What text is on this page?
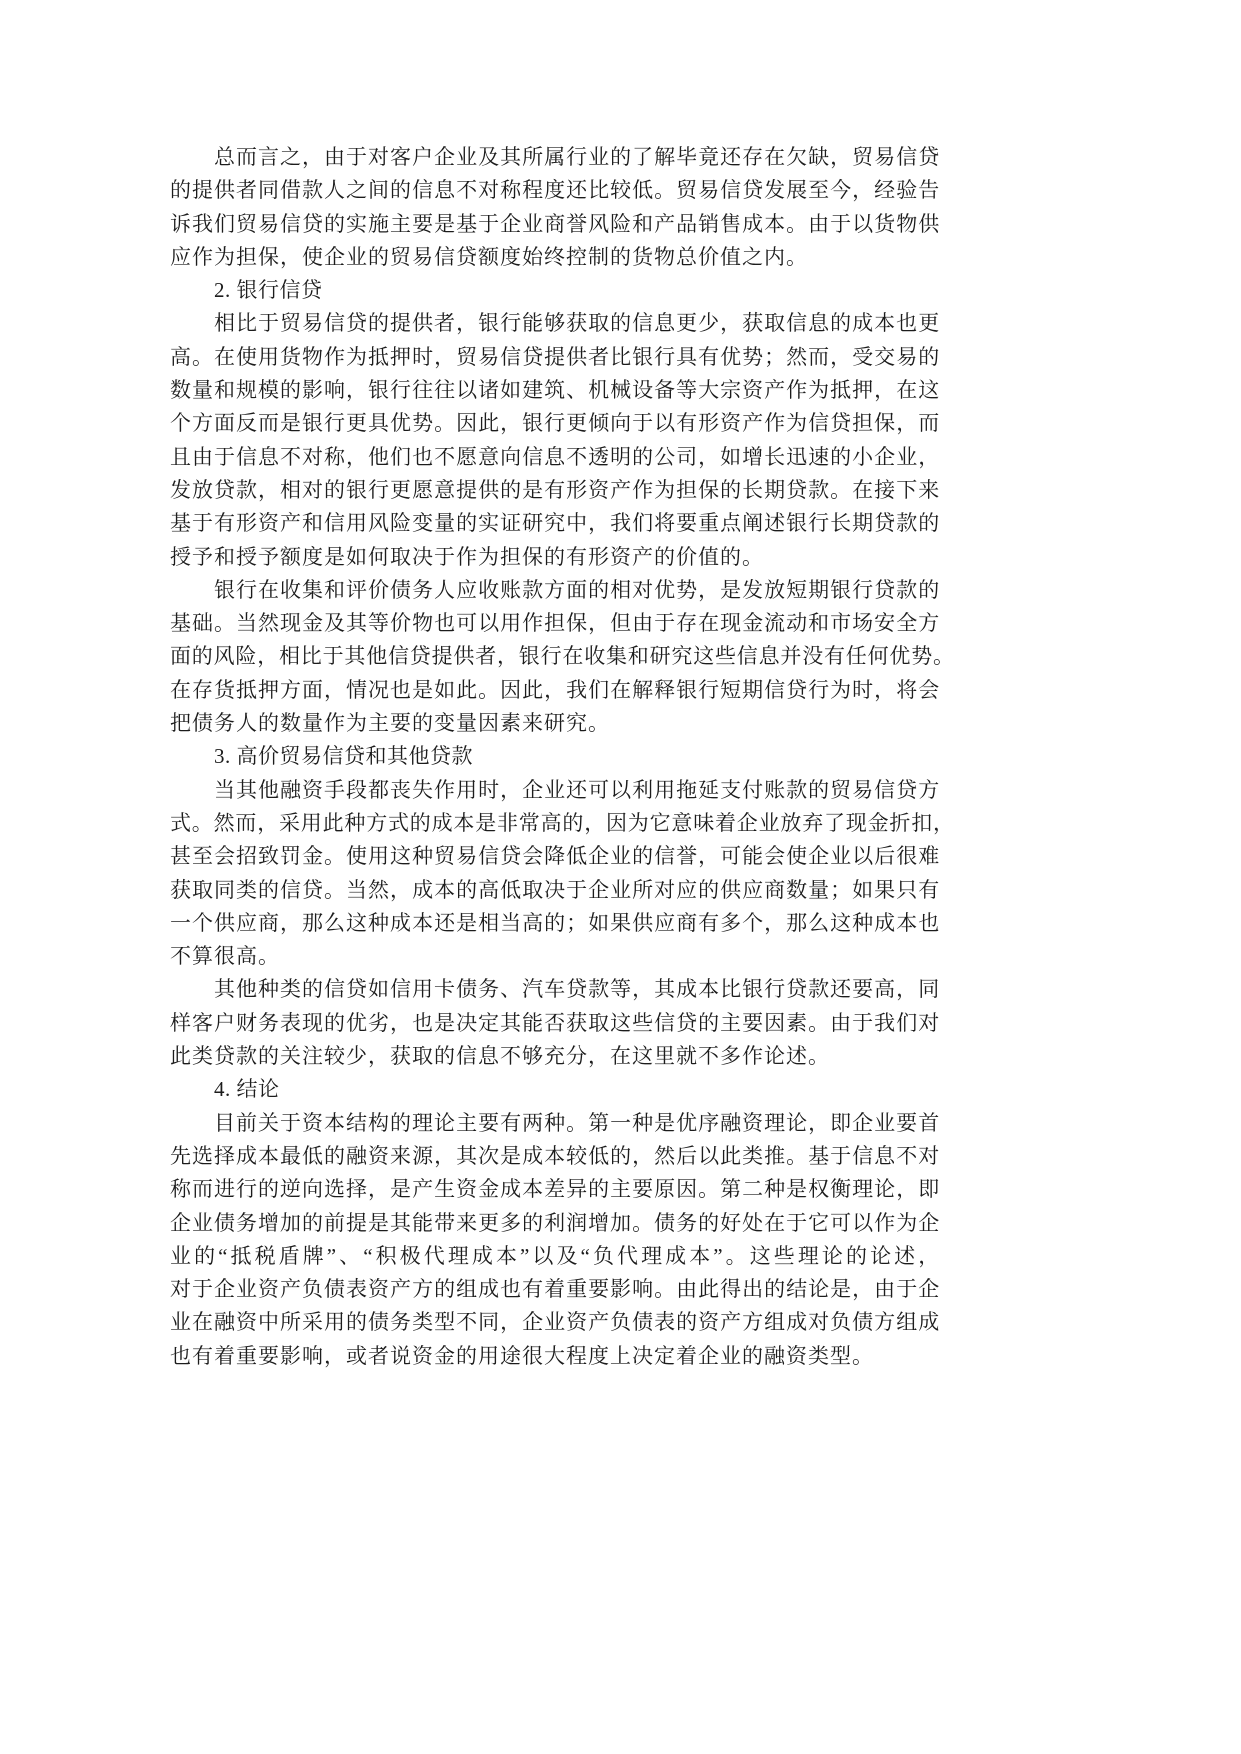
总而言之，由于对客户企业及其所属行业的了解毕竟还存在欠缺，贸易信贷
的提供者同借款人之间的信息不对称程度还比较低。贸易信贷发展至今，经验告
诉我们贸易信贷的实施主要是基于企业商誉风险和产品销售成本。由于以货物供
应作为担保，使企业的贸易信贷额度始终控制的货物总价值之内。
2. 银行信贷
相比于贸易信贷的提供者，银行能够获取的信息更少，获取信息的成本也更
高。在使用货物作为抵押时，贸易信贷提供者比银行具有优势；然而，受交易的
数量和规模的影响，银行往往以诸如建筑、机械设备等大宗资产作为抵押，在这
个方面反而是银行更具优势。因此，银行更倾向于以有形资产作为信贷担保，而
且由于信息不对称，他们也不愿意向信息不透明的公司，如增长迅速的小企业，
发放贷款，相对的银行更愿意提供的是有形资产作为担保的长期贷款。在接下来
基于有形资产和信用风险变量的实证研究中，我们将要重点阐述银行长期贷款的
授予和授予额度是如何取决于作为担保的有形资产的价值的。
银行在收集和评价债务人应收账款方面的相对优势，是发放短期银行贷款的
基础。当然现金及其等价物也可以用作担保，但由于存在现金流动和市场安全方
面的风险，相比于其他信贷提供者，银行在收集和研究这些信息并没有任何优势。
在存货抵押方面，情况也是如此。因此，我们在解释银行短期信贷行为时，将会
把债务人的数量作为主要的变量因素来研究。
3. 高价贸易信贷和其他贷款
当其他融资手段都丧失作用时，企业还可以利用拖延支付账款的贸易信贷方
式。然而，采用此种方式的成本是非常高的，因为它意味着企业放弃了现金折扣，
甚至会招致罚金。使用这种贸易信贷会降低企业的信誉，可能会使企业以后很难
获取同类的信贷。当然，成本的高低取决于企业所对应的供应商数量；如果只有
一个供应商，那么这种成本还是相当高的；如果供应商有多个，那么这种成本也
不算很高。
其他种类的信贷如信用卡债务、汽车贷款等，其成本比银行贷款还要高，同
样客户财务表现的优劣，也是决定其能否获取这些信贷的主要因素。由于我们对
此类贷款的关注较少，获取的信息不够充分，在这里就不多作论述。
4. 结论
目前关于资本结构的理论主要有两种。第一种是优序融资理论，即企业要首
先选择成本最低的融资来源，其次是成本较低的，然后以此类推。基于信息不对
称而进行的逆向选择，是产生资金成本差异的主要原因。第二种是权衡理论，即
企业债务增加的前提是其能带来更多的利润增加。债务的好处在于它可以作为企
业的“抵税盾牌”、“积极代理成本”以及“负代理成本”。这些理论的论述，
对于企业资产负债表资产方的组成也有着重要影响。由此得出的结论是，由于企
业在融资中所采用的债务类型不同，企业资产负债表的资产方组成对负债方组成
也有着重要影响，或者说资金的用途很大程度上决定着企业的融资类型。
